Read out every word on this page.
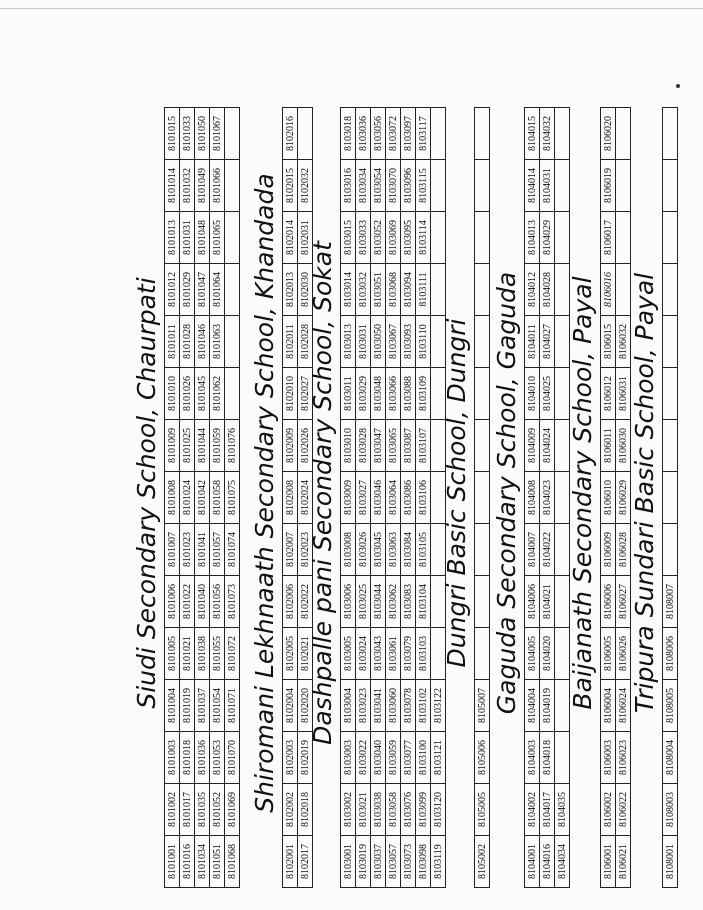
Siudi Secondary School, Chaurpati
8101001	8101002	8101003	8101004	8101005	8101006	8101007	8101008	8101009	8101010	8101011	8101012	8101013	8101014	8101015
8101016	8101017	8101018	8101019	8101021	8101022	8101023	8101024	8101025	8101026	8101028	8101029	8101031	8101032	8101033
8101034	8101035	8101036	8101037	8101038	8101040	8101041	8101042	8101044	8101045	8101046	8101047	8101048	8101049	8101050
8101051	8101052	8101053	8101054	8101055	8101056	8101057	8101058	8101059	8101062	8101063	8101064	8101065	8101066	8101067
8101068	8101069	8101070	8101071	8101072	8101073	8101074	8101075	8101076						Shiromani Lekhnaath Secondary School, Khandada
8102001	8102002	8102003	8102004	8102005	8102006	8102007	8102008	8102009	8102010	8102011	8102013	8102014	8102015	8102016
8102017	8102018	8102019	8102020	8102021	8102022	8102023	8102024	8102026	8102027	8102028	8102030	8102031	8102032	
Dashpalle pani Secondary School, Sokat
8103001	8103002	8103003	8103004	8103005	8103006	8103008	8103009	8103010	8103011	8103013	8103014	8103015	8103016	8103018
8103019	8103021	8103022	8103023	8103024	8103025	8103026	8103027	8103028	8103029	8103031	8103032	8103033	8103034	8103036
8103037	8103038	8103040	8103041	8103043	8103044	8103045	8103046	8103047	8103048	8103050	8103051	8103052	8103054	8103056
8103057	8103058	8103059	8103060	8103061	8103062	8103063	8103064	8103065	8103066	8103067	8103068	8103069	8103070	8103072
8103073	8103076	8103077	8103078	8103079	8103083	8103084	8103086	8103087	8103088	8103093	8103094	8103095	8103096	8103097
8103098	8103099	8103100	8103102	8103103	8103104	8103105	8103106	8103107	8103109	8103110	8103111	8103114	8103115	8103117
8103119	8103120	8103121	8103122											
Dungri Basic School, Dungri
8105002	8105005	8105006	8105007											Gaguda Secondary School, Gaguda
8104001	8104002	8104003	8104004	8104005	8104006	8104007	8104008	8104009	8104010	8104011	8104012	8104013	8104014	8104015
8104016	8104017	8104018	8104019	8104020	8104021	8104022	8104023	8104024	8104025	8104027	8104028	8104029	8104031	8104032
8104034	8104035													
Baijanath Secondary School, Payal
8106001	8106002	8106003	8106004	8106005	8106006	8106009	8106010	8106011	8106012	8106015	8106016	8106017	8106019	8106020
8106021	8106022	8106023	8106024	8106026	8106027	8106028	8106029	8106030	8106031	8106032				Tripura Sundari Basic School, Payal
8108001	8108003	8108004	8108005	8108006	8108007									
